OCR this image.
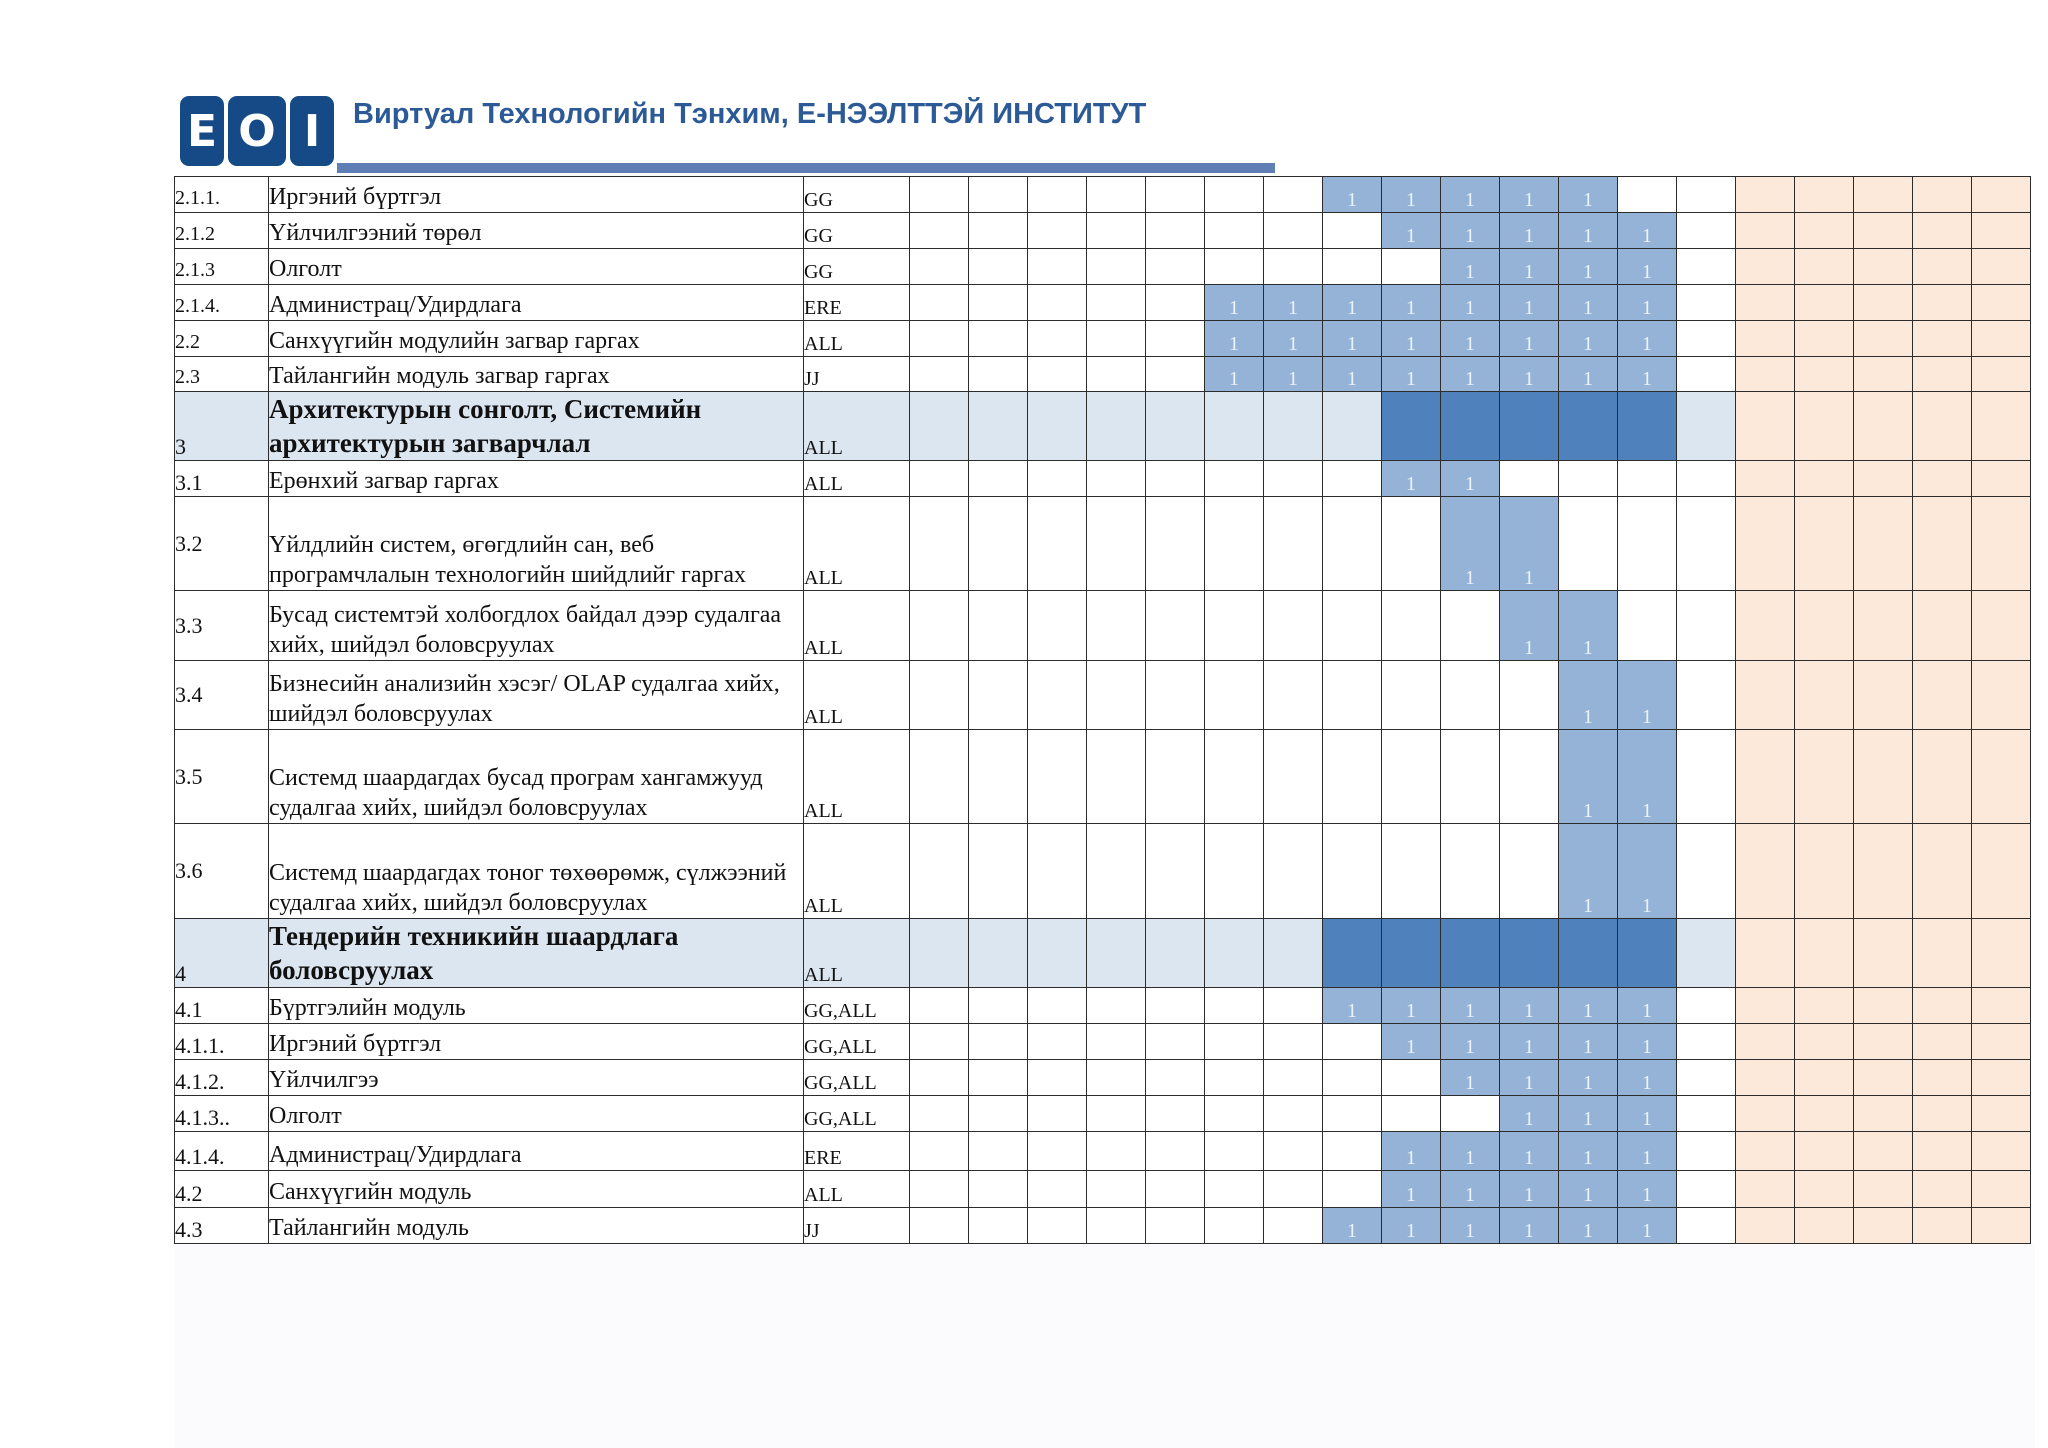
E O I	Виртуал Технологийн Тэнхим, Е-НЭЭЛТТЭЙ ИНСТИТУТ
2.1.1.	Иргэний бүртгэл	GG								1	1	1	1	1							
2.1.2	Үйлчилгээний төрөл	GG									1	1	1	1	1						
2.1.3	Олголт	GG										1	1	1	1						
2.1.4.	Администрац/Удирдлага	ERE						1	1	1	1	1	1	1	1						
2.2	Санхүүгийн модулийн загвар гаргах	ALL						1	1	1	1	1	1	1	1						
2.3	Тайлангийн модуль загвар гаргах	JJ						1	1	1	1	1	1	1	1						
3	Архитектурын сонголт, Системийн архитектурын загварчлал	ALL																			
3.1	Ерөнхий загвар гаргах	ALL									1	1									
3.2	Үйлдлийн систем, өгөгдлийн сан, веб програмчлалын технологийн шийдлийг гаргах	ALL										1	1								
3.3	Бусад системтэй холбогдлох байдал дээр судалгаа хийх, шийдэл боловсруулах	ALL											1	1							
3.4	Бизнесийн анализийн хэсэг/ OLAP судалгаа хийх, шийдэл боловсруулах	ALL												1	1						
3.5	Системд шаардагдах бусад програм хангамжууд судалгаа хийх, шийдэл боловсруулах	ALL												1	1						
3.6	Системд шаардагдах тоног төхөөрөмж, сүлжээний судалгаа хийх, шийдэл боловсруулах	ALL												1	1						
4	Тендерийн техникийн шаардлага боловсруулах	ALL																			
4.1	Бүртгэлийн модуль	GG,ALL								1	1	1	1	1	1						
4.1.1.	Иргэний бүртгэл	GG,ALL									1	1	1	1	1						
4.1.2.	Үйлчилгээ	GG,ALL										1	1	1	1						
4.1.3..	Олголт	GG,ALL											1	1	1						
4.1.4.	Администрац/Удирдлага	ERE									1	1	1	1	1						
4.2	Санхүүгийн модуль	ALL									1	1	1	1	1						
4.3	Тайлангийн модуль	JJ								1	1	1	1	1	1						
